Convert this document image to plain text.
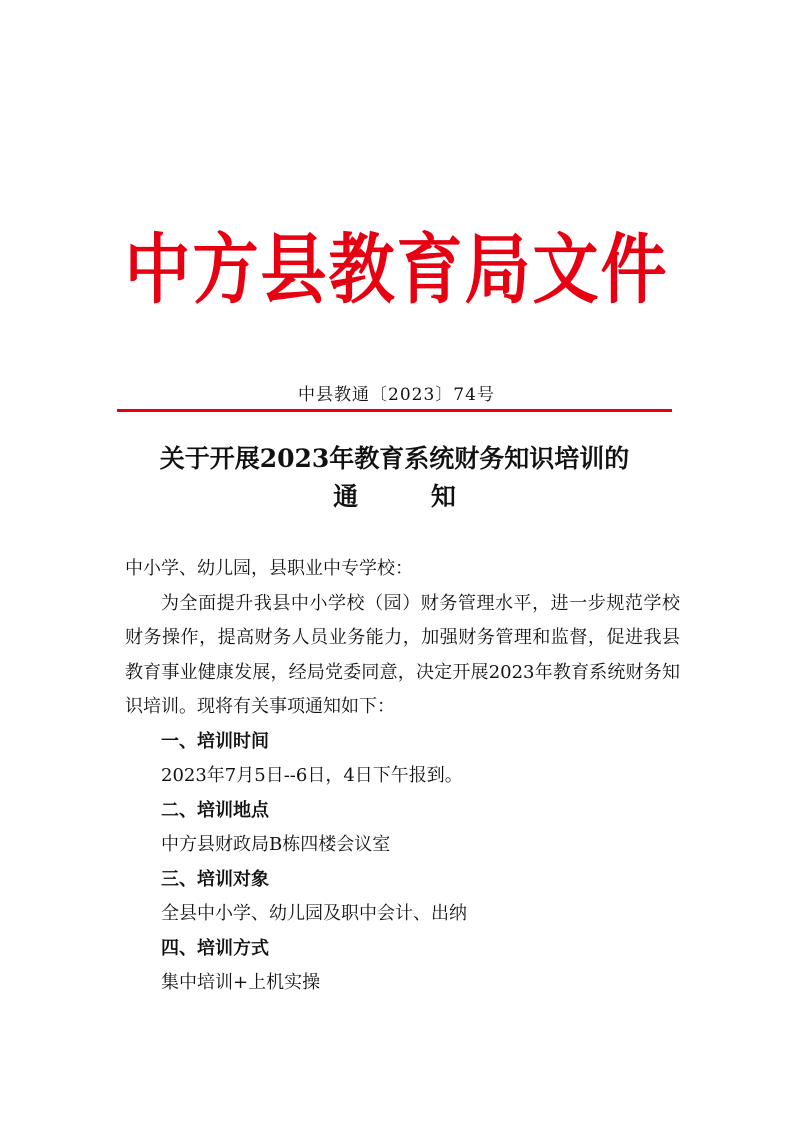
中方县教育局文件
中县教通〔2023〕74号
关于开展2023年教育系统财务知识培训的
通 知

中小学、幼儿园，县职业中专学校：

为全面提升我县中小学校（园）财务管理水平，进一步规范学校财务操作，提高财务人员业务能力，加强财务管理和监督，促进我县教育事业健康发展，经局党委同意，决定开展2023年教育系统财务知识培训。现将有关事项通知如下：

一、培训时间

2023年7月5日--6日，4日下午报到。

二、培训地点

中方县财政局B栋四楼会议室

三、培训对象

全县中小学、幼儿园及职中会计、出纳

四、培训方式

集中培训+上机实操
